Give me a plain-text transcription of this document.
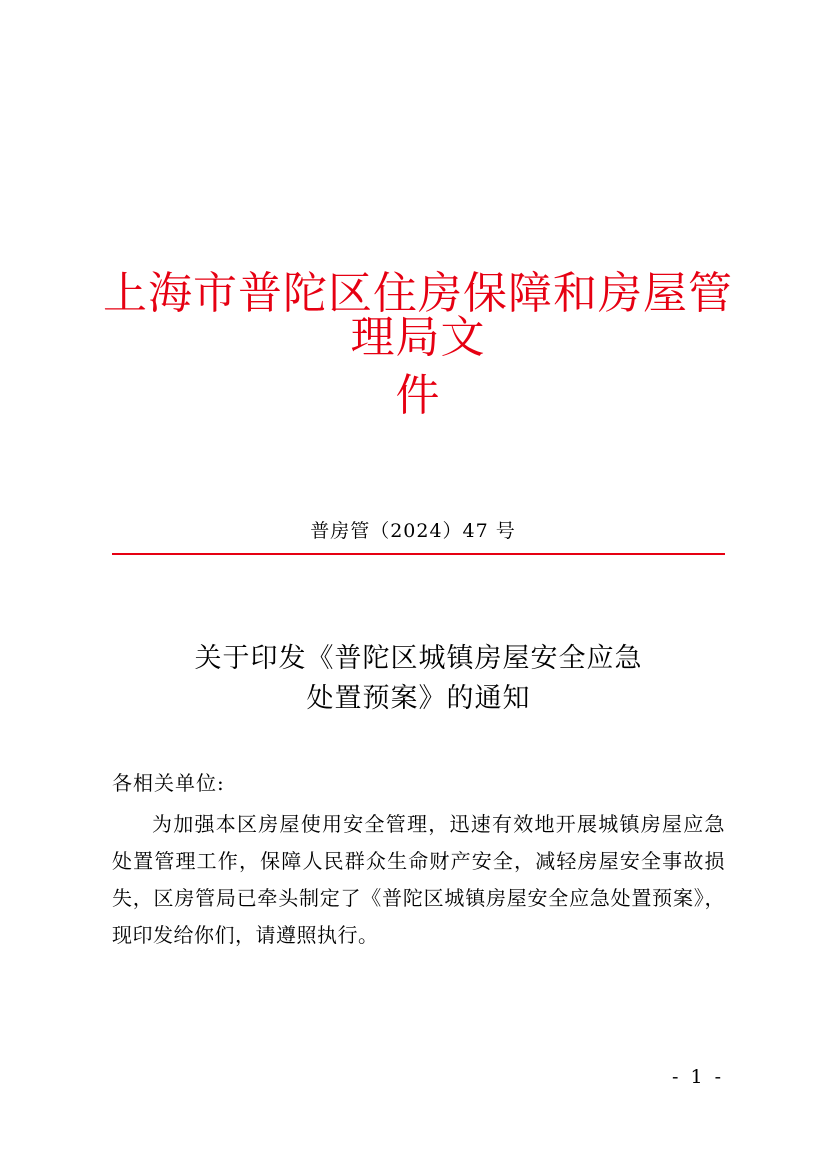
上海市普陀区住房保障和房屋管理局文
件
普房管（2024）47 号
关于印发《普陀区城镇房屋安全应急
处置预案》的通知
各相关单位:

为加强本区房屋使用安全管理，迅速有效地开展城镇房屋应急处置管理工作，保障人民群众生命财产安全，减轻房屋安全事故损失，区房管局已牵头制定了《普陀区城镇房屋安全应急处置预案》，现印发给你们，请遵照执行。

- 1 -
